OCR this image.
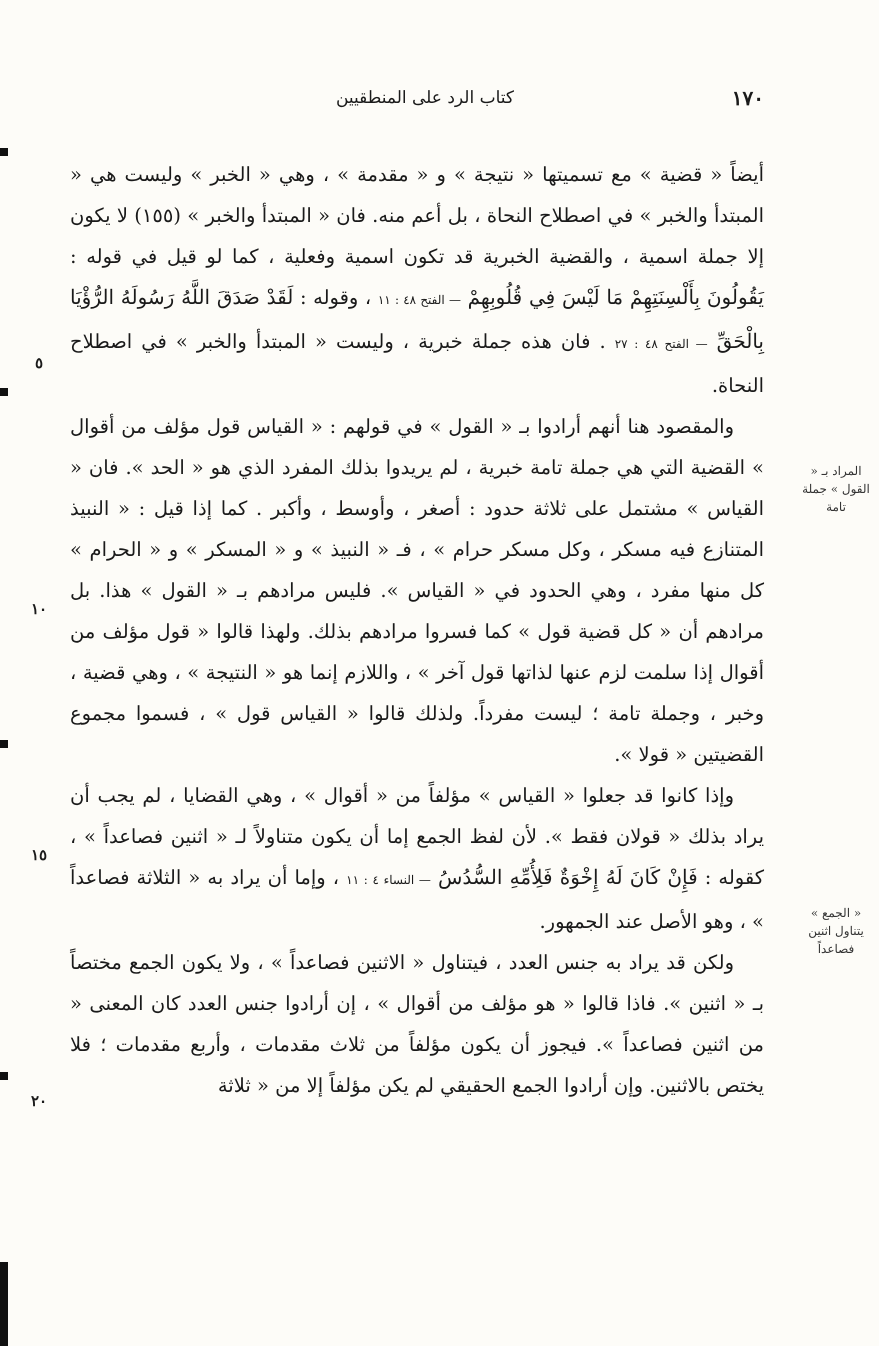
١٧٠
كتاب الرد على المنطقيين

أيضاً « قضية » مع تسميتها « نتيجة » و « مقدمة » ، وهي « الخبر » وليست هي « المبتدأ والخبر » في اصطلاح النحاة ، بل أعم منه. فان « المبتدأ والخبر » (١٥٥) لا يكون إلا جملة اسمية ، والقضية الخبرية قد تكون اسمية وفعلية ، كما لو قيل في قوله : يَقُولُونَ بِأَلْسِنَتِهِمْ مَا لَيْسَ فِي قُلُوبِهِمْ — الفتح ٤٨ : ١١ ، وقوله : لَقَدْ صَدَقَ اللَّهُ رَسُولَهُ الرُّؤْيَا بِالْحَقِّ — الفتح ٤٨ : ٢٧ . فان هذه جملة خبرية ، وليست « المبتدأ والخبر » في اصطلاح النحاة.

والمقصود هنا أنهم أرادوا بـ « القول » في قولهم : « القياس قول مؤلف من أقوال » القضية التي هي جملة تامة خبرية ، لم يريدوا بذلك المفرد الذي هو « الحد ». فان « القياس » مشتمل على ثلاثة حدود : أصغر ، وأوسط ، وأكبر . كما إذا قيل : « النبيذ المتنازع فيه مسكر ، وكل مسكر حرام » ، فـ « النبيذ » و « المسكر » و « الحرام » كل منها مفرد ، وهي الحدود في « القياس ». فليس مرادهم بـ « القول » هذا. بل مرادهم أن « كل قضية قول » كما فسروا مرادهم بذلك. ولهذا قالوا « قول مؤلف من أقوال إذا سلمت لزم عنها لذاتها قول آخر » ، واللازم إنما هو « النتيجة » ، وهي قضية ، وخبر ، وجملة تامة ؛ ليست مفرداً. ولذلك قالوا « القياس قول » ، فسموا مجموع القضيتين « قولا ».

وإذا كانوا قد جعلوا « القياس » مؤلفاً من « أقوال » ، وهي القضايا ، لم يجب أن يراد بذلك « قولان فقط ». لأن لفظ الجمع إما أن يكون متناولاً لـ « اثنين فصاعداً » ، كقوله : فَإِنْ كَانَ لَهُ إِخْوَةٌ فَلِأُمِّهِ السُّدُسُ — النساء ٤ : ١١ ، وإما أن يراد به « الثلاثة فصاعداً » ، وهو الأصل عند الجمهور.

ولكن قد يراد به جنس العدد ، فيتناول « الاثنين فصاعداً » ، ولا يكون الجمع مختصاً بـ « اثنين ». فاذا قالوا « هو مؤلف من أقوال » ، إن أرادوا جنس العدد كان المعنى « من اثنين فصاعداً ». فيجوز أن يكون مؤلفاً من ثلاث مقدمات ، وأربع مقدمات ؛ فلا يختص بالاثنين. وإن أرادوا الجمع الحقيقي لم يكن مؤلفاً إلا من « ثلاثة

٥
١٠
١٥
٢٠
المراد بـ « القول » جملة تامة
« الجمع » يتناول اثنين فصاعداً
